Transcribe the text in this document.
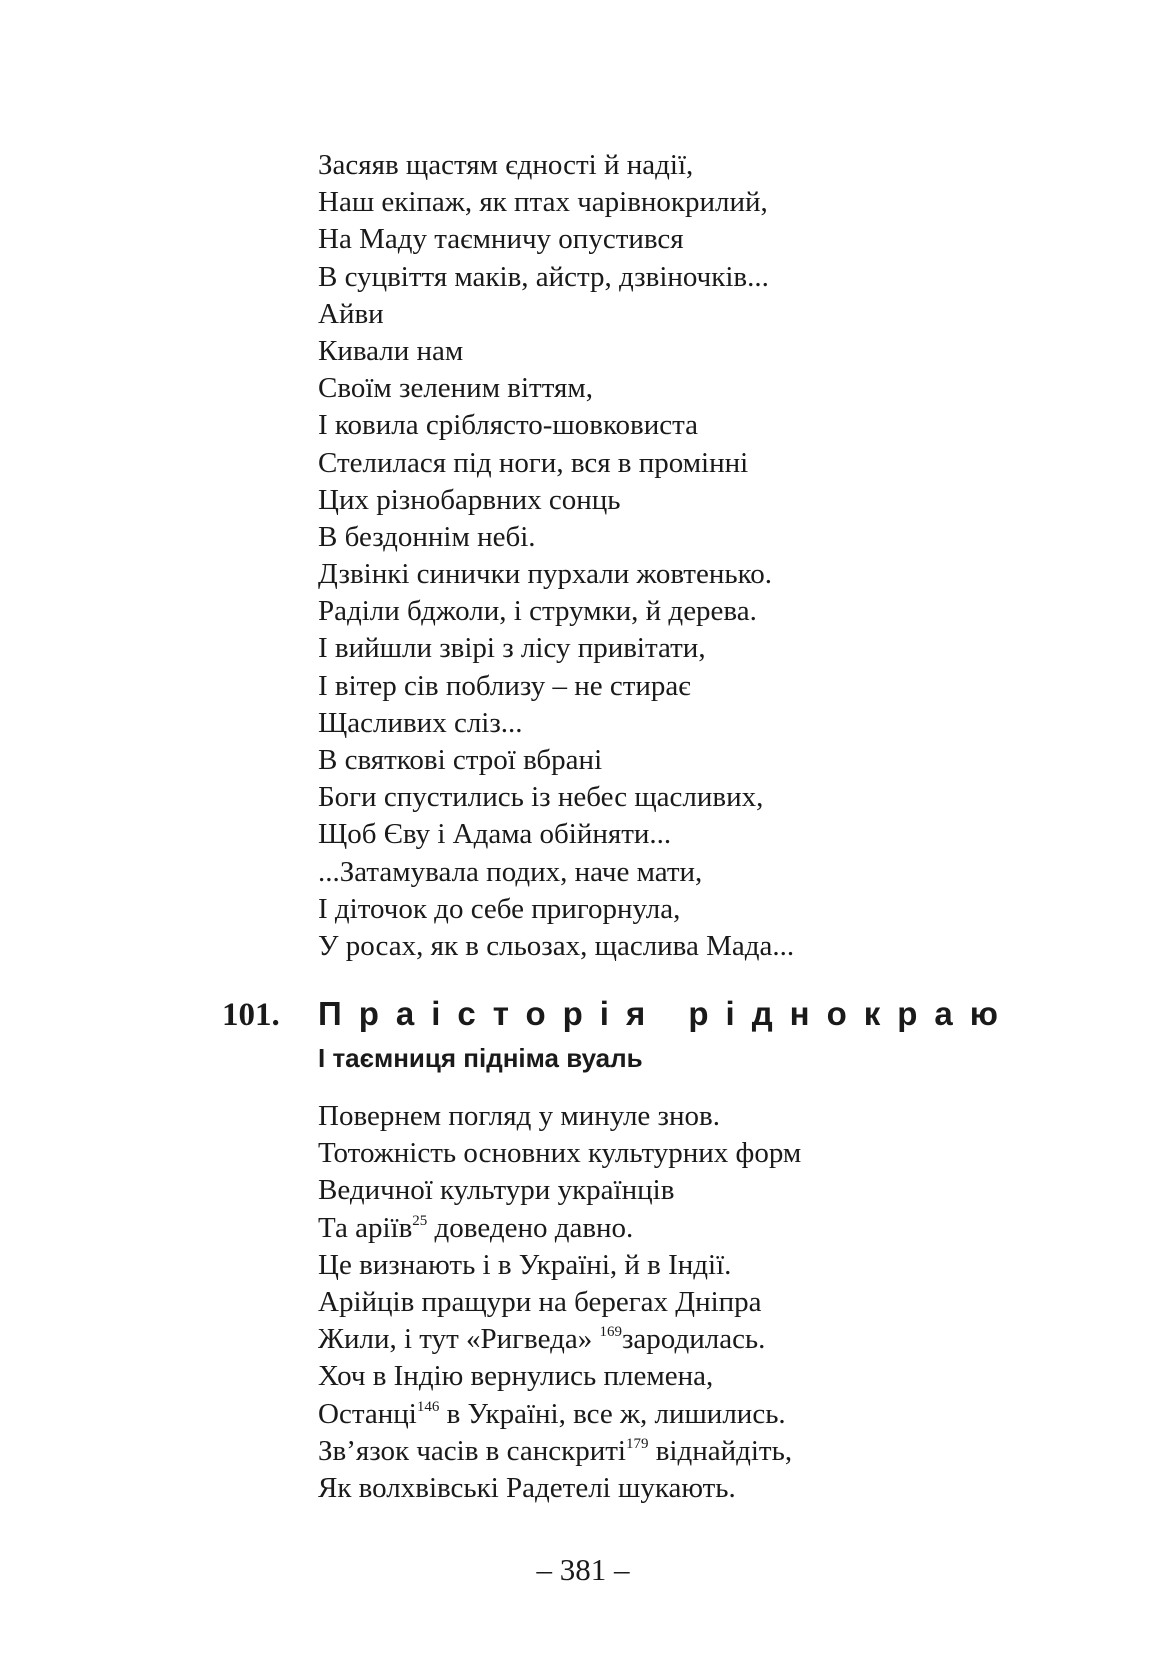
Засяяв щастям єдності й надії,
Наш екіпаж, як птах чарівнокрилий,
На Маду таємничу опустився
В суцвіття маків, айстр, дзвіночків...
Айви
Кивали нам
Своїм зеленим віттям,
І ковила сріблясто-шовковиста
Стелилася під ноги, вся в промінні
Цих різнобарвних сонць
В бездоннім небі.
Дзвінкі синички пурхали жовтенько.
Раділи бджоли, і струмки, й дерева.
І вийшли звірі з лісу привітати,
І вітер сів поблизу – не стирає
Щасливих сліз...
В святкові строї вбрані
Боги спустились із небес щасливих,
Щоб Єву і Адама обійняти...
...Затамувала подих, наче мати,
І діточок до себе пригорнула,
У росах, як в сльозах, щаслива Мада...
101. Праісторія ріднокраю
І таємниця підніма вуаль
Повернем погляд у минуле знов.
Тотожність основних культурних форм
Ведичної культури українців
Та аріїв$^{25}$ доведено давно.
Це визнають і в Україні, й в Індії.
Арійців пращури на берегах Дніпра
Жили, і тут «Ригведа» $^{169}$зародилась.
Хоч в Індію вернулись племена,
Останці$^{146}$ в Україні, все ж, лишились.
Зв’язок часів в санскриті$^{179}$ віднайдіть,
Як волхвівські Радетелі шукають.
– 381 –
